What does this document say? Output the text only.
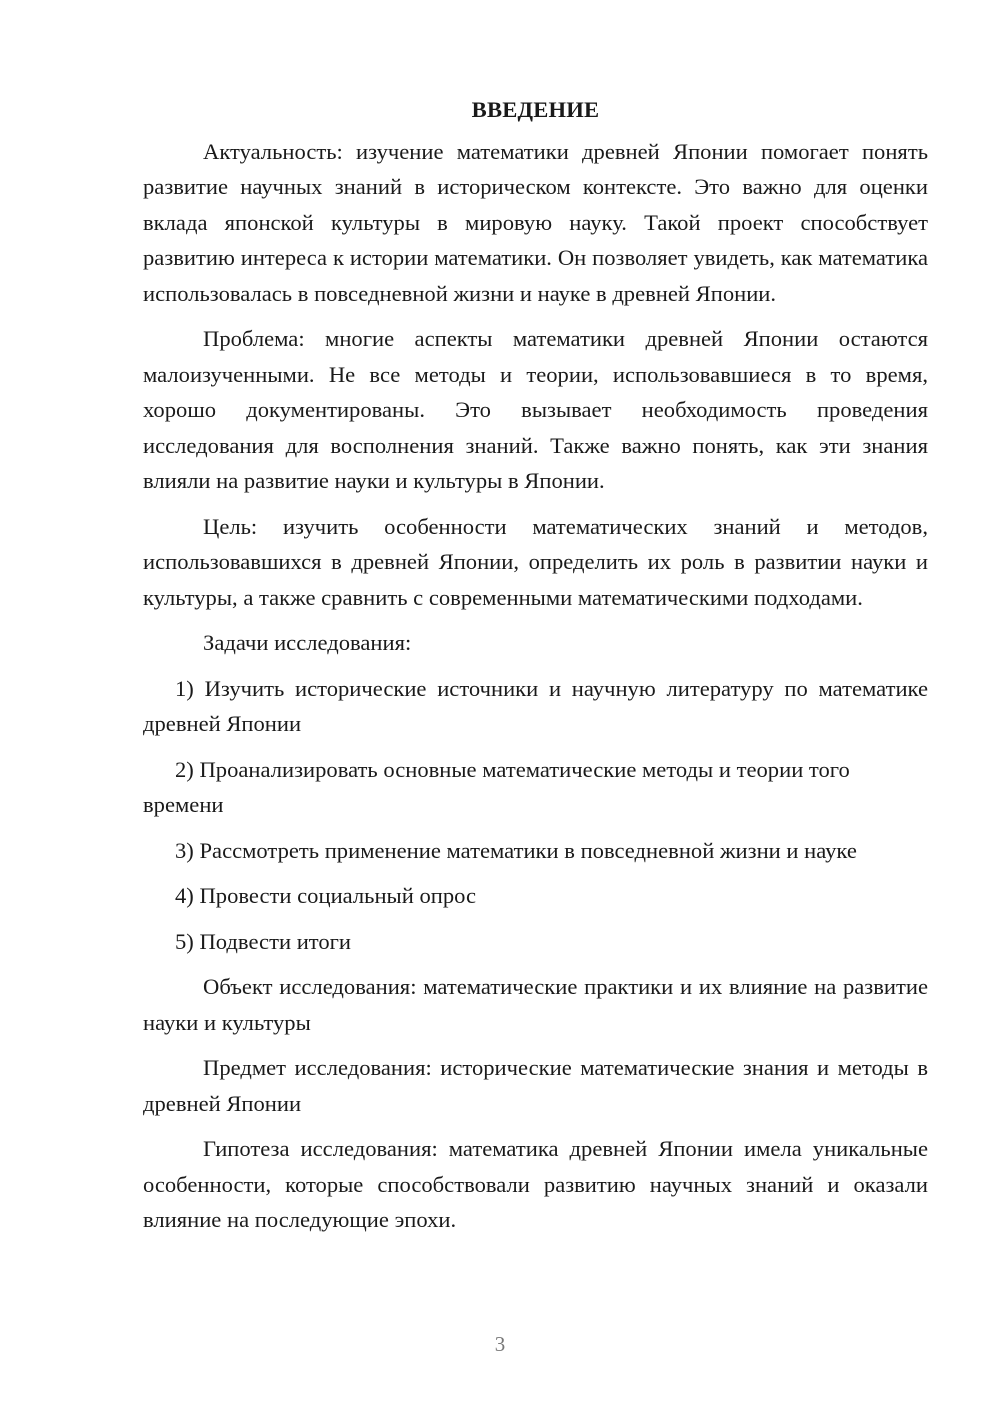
ВВЕДЕНИЕ

Актуальность: изучение математики древней Японии помогает понять развитие научных знаний в историческом контексте. Это важно для оценки вклада японской культуры в мировую науку. Такой проект способствует развитию интереса к истории математики. Он позволяет увидеть, как математика использовалась в повседневной жизни и науке в древней Японии.

Проблема: многие аспекты математики древней Японии остаются малоизученными. Не все методы и теории, использовавшиеся в то время, хорошо документированы. Это вызывает необходимость проведения исследования для восполнения знаний. Также важно понять, как эти знания влияли на развитие науки и культуры в Японии.

Цель: изучить особенности математических знаний и методов, использовавшихся в древней Японии, определить их роль в развитии науки и культуры, а также сравнить с современными математическими подходами.

Задачи исследования:

1) Изучить исторические источники и научную литературу по математике древней Японии

2) Проанализировать основные математические методы и теории того времени

3) Рассмотреть применение математики в повседневной жизни и науке

4) Провести социальный опрос

5) Подвести итоги

Объект исследования: математические практики и их влияние на развитие науки и культуры

Предмет исследования: исторические математические знания и методы в древней Японии

Гипотеза исследования: математика древней Японии имела уникальные особенности, которые способствовали развитию научных знаний и оказали влияние на последующие эпохи.

3
